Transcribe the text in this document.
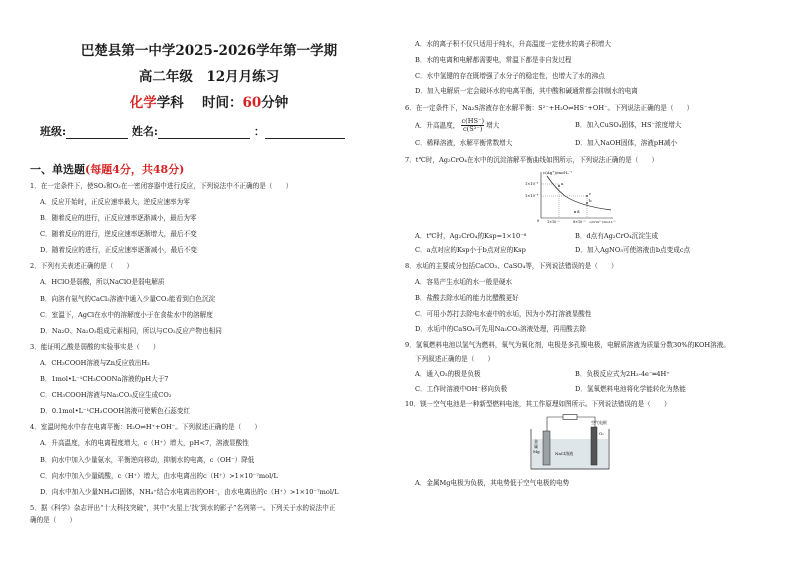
巴楚县第一中学2025-2026学年第一学期
高二年级　12月月练习
化学学科　 时间：60分钟
班级:	姓名:	：
一、单选题(每题4分，共48分)
1．在一定条件下，使SO₂和O₂在一密闭容器中进行反应，下列说法中不正确的是（　　）
A．反应开始时，正反应速率最大，逆反应速率为零
B．随着反应的进行，正反应速率逐渐减小，最后为零
C．随着反应的进行，逆反应速率逐渐增大，最后不变
D．随着反应的进行，正反应速率逐渐减小，最后不变
2．下列有关表述正确的是（　　）
A．HClO是弱酸，所以NaClO是弱电解质
B．向溶有氨气的CaCl₂溶液中通入少量CO₂能看到白色沉淀
C．室温下，AgCl在水中的溶解度小于在食盐水中的溶解度
D．Na₂O、Na₂O₂组成元素相同，所以与CO₂反应产物也相同
3．能证明乙酸是弱酸的实验事实是（　　）
A．CH₃COOH溶液与Zn反应放出H₂
B．1mol•L⁻¹CH₃COONa溶液的pH大于7
C．CH₃COOH溶液与Na₂CO₃反应生成CO₂
D．0.1mol•L⁻¹CH₃COOH溶液可使紫色石蕊变红
4．室温时纯水中存在电离平衡：H₂O⇌H⁺+OH⁻。下列叙述正确的是（　　）
A．升高温度，水的电离程度增大，c（H⁺）增大，pH<7，溶液显酸性
B．向水中加入少量氨水，平衡逆向移动，抑制水的电离，c（OH⁻）降低
C．向水中加入少量硫酸，c（H⁺）增大，由水电离出的c（H⁺）>1×10⁻⁷mol/L
D．向水中加入少量NH₄Cl固体，NH₄⁺结合水电离出的OH⁻，由水电离出的c（H⁺）>1×10⁻⁷mol/L
5．据《科学》杂志评出“十大科技突破”，其中“火星上‘找’到水的影子”名列第一。下列关于水的说法中正
确的是（　　）
A．水的离子积不仅只适用于纯水，升高温度一定使水的离子积增大
B．水的电离和电解都需要电，常温下都是非自发过程
C．水中氢键的存在既增强了水分子的稳定性，也增大了水的沸点
D．加入电解质一定会破坏水的电离平衡，其中酸和碱通常都会抑制水的电离
6．在一定条件下，Na₂S溶液存在水解平衡：S²⁻+H₂O⇌HS⁻+OH⁻。下列说法正确的是（　　）
A．升高温度， $\frac{c(HS^-)}{\text{c(S²⁻)}}$ 增大	B．加入CuSO₄固体，HS⁻浓度增大
C．稀释溶液，水解平衡常数增大	D．加入NaOH固体，溶液pH减小
7．t℃时，Ag₂CrO₄在水中的沉淀溶解平衡曲线如图所示，下列说法正确的是（　　）
c(Ag⁺)/mol·L⁻¹
1×10⁻³
1×10⁻⁴
a
b
c
d
0 1×10⁻⁵	8×10⁻⁵ c(CrO₄²⁻)/mol·L⁻¹
A．t℃时，Ag₂CrO₄的Ksp=1×10⁻⁸	B．d点有Ag₂CrO₄沉淀生成
C．a点对应的Ksp小于b点对应的Ksp	D．加入AgNO₃可使溶液由b点变成c点
8．水垢的主要成分包括CaCO₃、CaSO₄等，下列说法错误的是（　　）
A．容易产生水垢的水一般是硬水
B．盐酸去除水垢的能力比醋酸更好
C．可用小苏打去除电水壶中的水垢，因为小苏打溶液显酸性
D．水垢中的CaSO₄可先用Na₂CO₃溶液处理，再用酸去除
9．氢氧燃料电池以氢气为燃料，氧气为氧化剂，电极是多孔镍电极，电解质溶液为质量分数30%的KOH溶液。
下列叙述正确的是（　　）
A．通入O₂的极是负极	B．负极反应式为2H₂-4e⁻═4H⁺
C．工作时溶液中OH⁻移向负极	D．氢氧燃料电池将化学能转化为热能
10．镁－空气电池是一种新型燃料电池，其工作原理如图所示。下列说法错误的是（　　）
金
属
Mg	NaCl溶液
空气电极
O₂
A．金属Mg电极为负极，其电势低于空气电极的电势
